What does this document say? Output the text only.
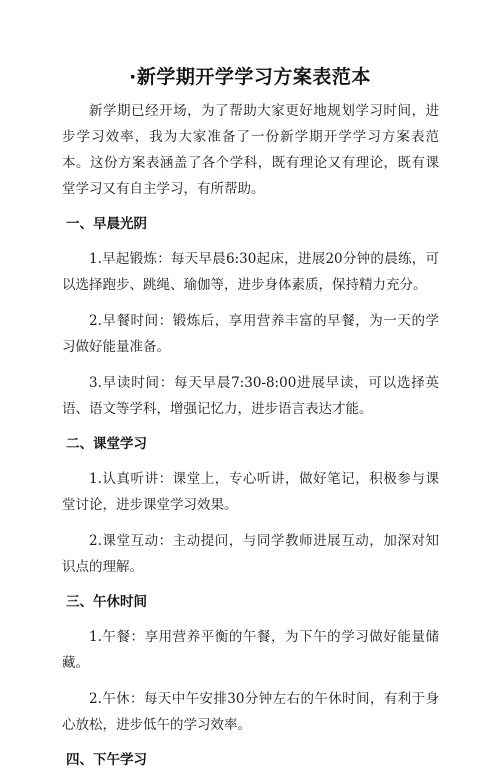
·新学期开学学习方案表范本

新学期已经开场，为了帮助大家更好地规划学习时间，进步学习效率，我为大家准备了一份新学期开学学习方案表范本。这份方案表涵盖了各个学科，既有理论又有理论，既有课堂学习又有自主学习，有所帮助。

一、早晨光阴

1.早起锻炼：每天早晨6:30起床，进展20分钟的晨练，可以选择跑步、跳绳、瑜伽等，进步身体素质，保持精力充分。

2.早餐时间：锻炼后，享用营养丰富的早餐，为一天的学习做好能量准备。

3.早读时间：每天早晨7:30-8:00进展早读，可以选择英语、语文等学科，增强记忆力，进步语言表达才能。

二、课堂学习

1.认真听讲：课堂上，专心听讲，做好笔记，积极参与课堂讨论，进步课堂学习效果。

2.课堂互动：主动提问，与同学教师进展互动，加深对知识点的理解。

三、午休时间

1.午餐：享用营养平衡的午餐，为下午的学习做好能量储藏。

2.午休：每天中午安排30分钟左右的午休时间，有利于身心放松，进步低午的学习效率。

四、下午学习
